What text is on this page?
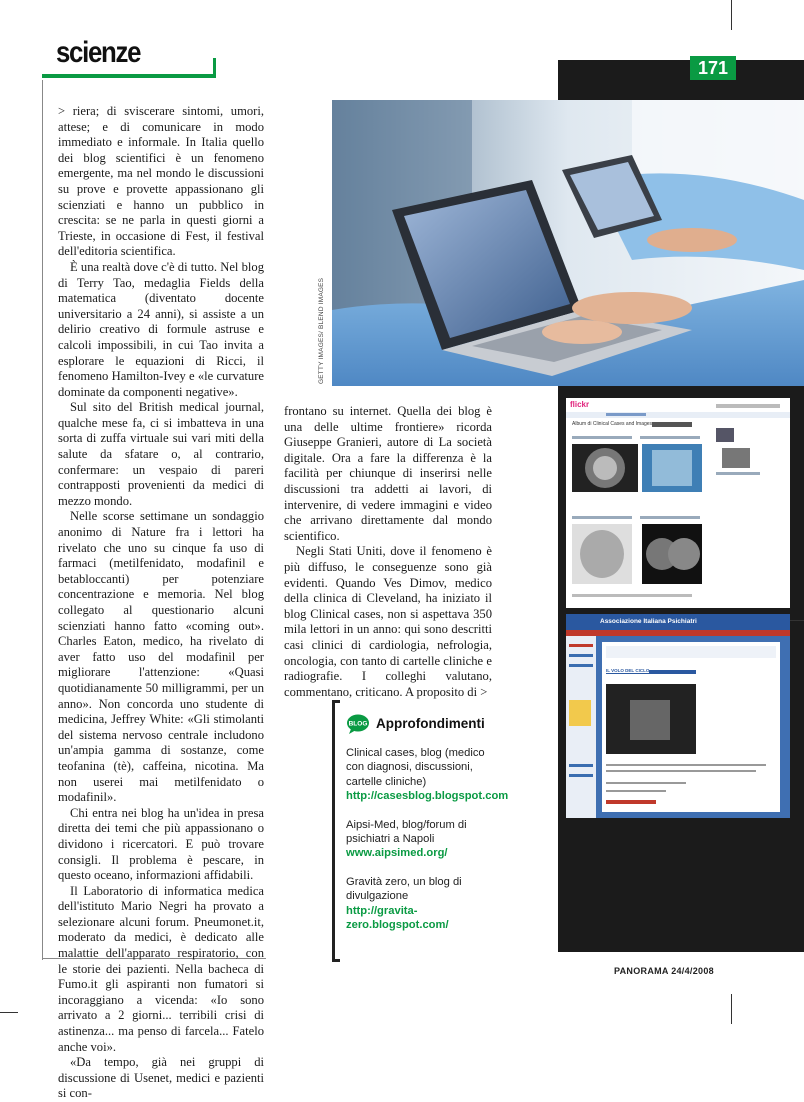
scienze	171

> riera; di sviscerare sintomi, umori, attese; e di comunicare in modo immediato e informale. In Italia quello dei blog scientifici è un fenomeno emergente, ma nel mondo le discussioni su prove e provette appassionano gli scienziati e hanno un pubblico in crescita: se ne parla in questi giorni a Trieste, in occasione di Fest, il festival dell'editoria scientifica.

È una realtà dove c'è di tutto. Nel blog di Terry Tao, medaglia Fields della matematica (diventato docente universitario a 24 anni), si assiste a un delirio creativo di formule astruse e calcoli impossibili, in cui Tao invita a esplorare le equazioni di Ricci, il fenomeno Hamilton-Ivey e «le curvature dominate da componenti negative».

Sul sito del British medical journal, qualche mese fa, ci si imbatteva in una sorta di zuffa virtuale sui vari miti della salute da sfatare o, al contrario, confermare: un vespaio di pareri contrapposti provenienti da medici di mezzo mondo.

Nelle scorse settimane un sondaggio anonimo di Nature fra i lettori ha rivelato che uno su cinque fa uso di farmaci (metilfenidato, modafinil e betabloccanti) per potenziare concentrazione e memoria. Nel blog collegato al questionario alcuni scienziati hanno fatto «coming out». Charles Eaton, medico, ha rivelato di aver fatto uso del modafinil per migliorare l'attenzione: «Quasi quotidianamente 50 milligrammi, per un anno». Non concorda uno studente di medicina, Jeffrey White: «Gli stimolanti del sistema nervoso centrale includono un'ampia gamma di sostanze, come teofanina (tè), caffeina, nicotina. Ma non userei mai metilfenidato o modafinil».

Chi entra nei blog ha un'idea in presa diretta dei temi che più appassionano o dividono i ricercatori. E può trovare consigli. Il problema è pescare, in questo oceano, informazioni affidabili.

Il Laboratorio di informatica medica dell'istituto Mario Negri ha provato a selezionare alcuni forum. Pneumonet.it, moderato da medici, è dedicato alle malattie dell'apparato respiratorio, con le storie dei pazienti. Nella bacheca di Fumo.it gli aspiranti non fumatori si incoraggiano a vicenda: «Io sono arrivato a 2 giorni... terribili crisi di astinenza... ma penso di farcela... Fatelo anche voi».

«Da tempo, già nei gruppi di discussione di Usenet, medici e pazienti si con-

GETTY IMAGES/ BLEND IMAGES

frontano su internet. Quella dei blog è una delle ultime frontiere» ricorda Giuseppe Granieri, autore di La società digitale. Ora a fare la differenza è la facilità per chiunque di inserirsi nelle discussioni tra addetti ai lavori, di intervenire, di vedere immagini e video che arrivano direttamente dal mondo scientifico.

Negli Stati Uniti, dove il fenomeno è più diffuso, le conseguenze sono già evidenti. Quando Ves Dimov, medico della clinica di Cleveland, ha iniziato il blog Clinical cases, non si aspettava 350 mila lettori in un anno: qui sono descritti casi clinici di cardiologia, nefrologia, oncologia, con tanto di cartelle cliniche e radiografie. I colleghi valutano, commentano, criticano. A proposito di >

flickr
Album di Clinical Cases and Images
Associazione Italiana Psichiatri
IL VOLO DEL CICLO
BLOG Approfondimenti
Clinical cases, blog (medico con diagnosi, discussioni, cartelle cliniche)
http://casesblog.blogspot.com
Aipsi-Med, blog/forum di psichiatri a Napoli
www.aipsimed.org/
Gravità zero, un blog di divulgazione
http://gravita-zero.blogspot.com/
PANORAMA 24/4/2008
